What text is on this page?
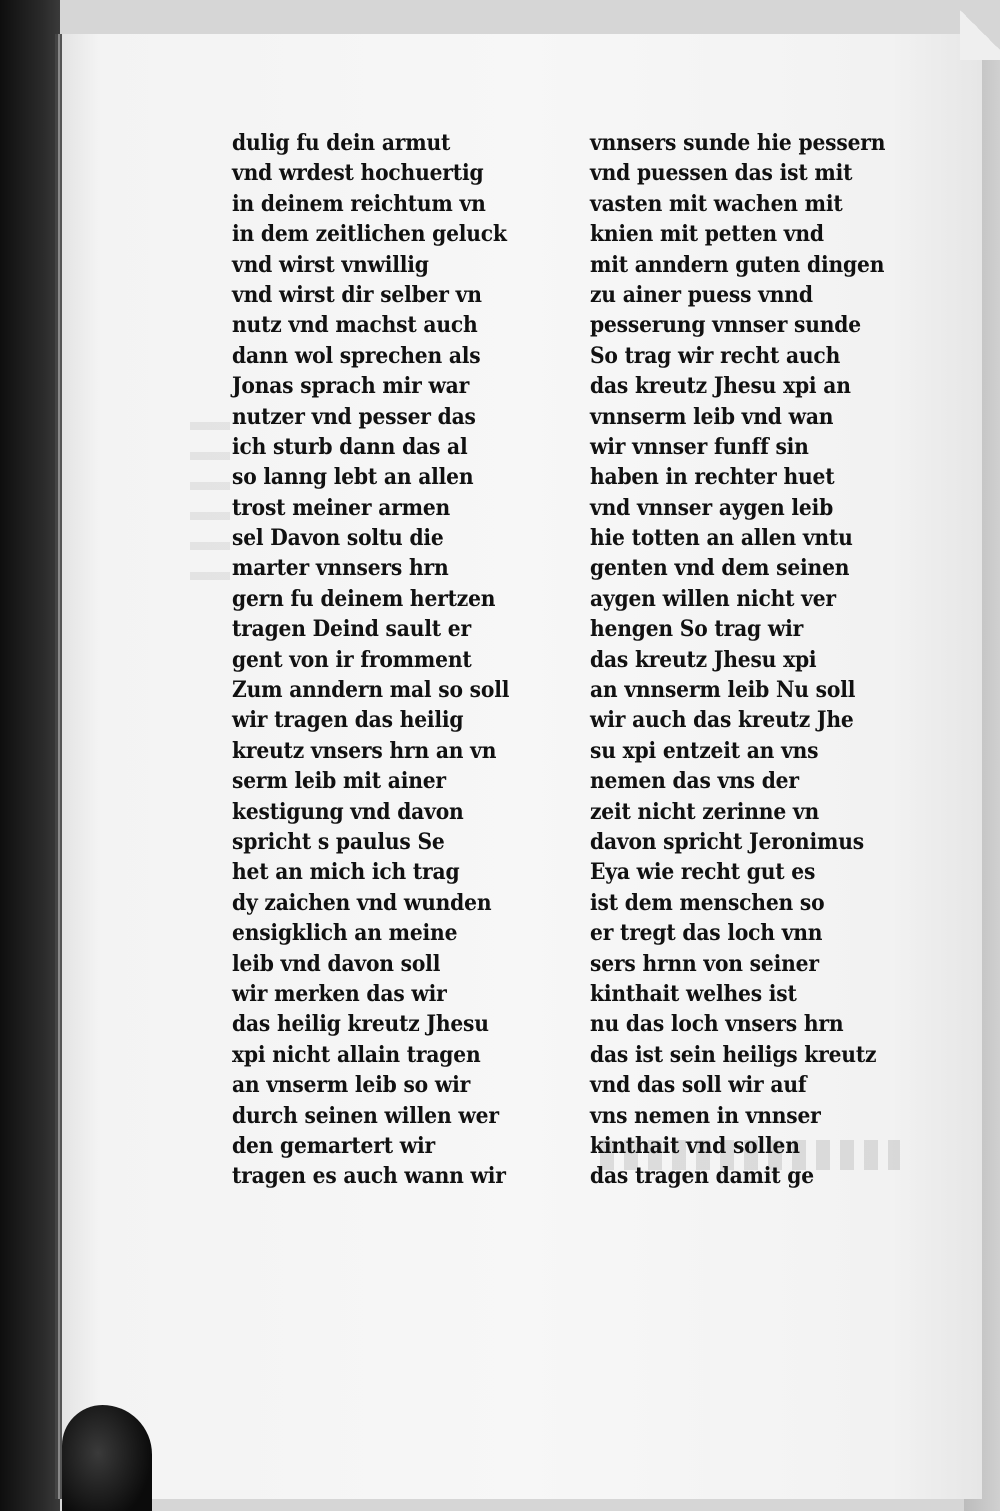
dulig fu dein armut
vnd wrdest hochuertig
in deinem reichtum vn
in dem zeitlichen geluck
vnd wirst vnwillig
vnd wirst dir selber vn
nutz vnd machst auch
dann wol sprechen als
Jonas sprach mir war
nutzer vnd pesser das
ich sturb dann das al
so lanng lebt an allen
trost meiner armen
sel Davon soltu die
marter vnnsers hrn
gern fu deinem hertzen
tragen Deind sault er
gent von ir fromment
Zum anndern mal so soll
wir tragen das heilig
kreutz vnsers hrn an vn
serm leib mit ainer
kestigung vnd davon
spricht s paulus Se
het an mich ich trag
dy zaichen vnd wunden
ensigklich an meine
leib vnd davon soll
wir merken das wir
das heilig kreutz Jhesu
xpi nicht allain tragen
an vnserm leib so wir
durch seinen willen wer
den gemartert wir
tragen es auch wann wir
vnnsers sunde hie pessern
vnd puessen das ist mit
vasten mit wachen mit
knien mit petten vnd
mit anndern guten dingen
zu ainer puess vnnd
pesserung vnnser sunde
So trag wir recht auch
das kreutz Jhesu xpi an
vnnserm leib vnd wan
wir vnnser funff sin
haben in rechter huet
vnd vnnser aygen leib
hie totten an allen vntu
genten vnd dem seinen
aygen willen nicht ver
hengen So trag wir
das kreutz Jhesu xpi
an vnnserm leib Nu soll
wir auch das kreutz Jhe
su xpi entzeit an vns
nemen das vns der
zeit nicht zerinne vn
davon spricht Jeronimus
Eya wie recht gut es
ist dem menschen so
er tregt das loch vnn
sers hrnn von seiner
kinthait welhes ist
nu das loch vnsers hrn
das ist sein heiligs kreutz
vnd das soll wir auf
vns nemen in vnnser
kinthait vnd sollen
das tragen damit ge
